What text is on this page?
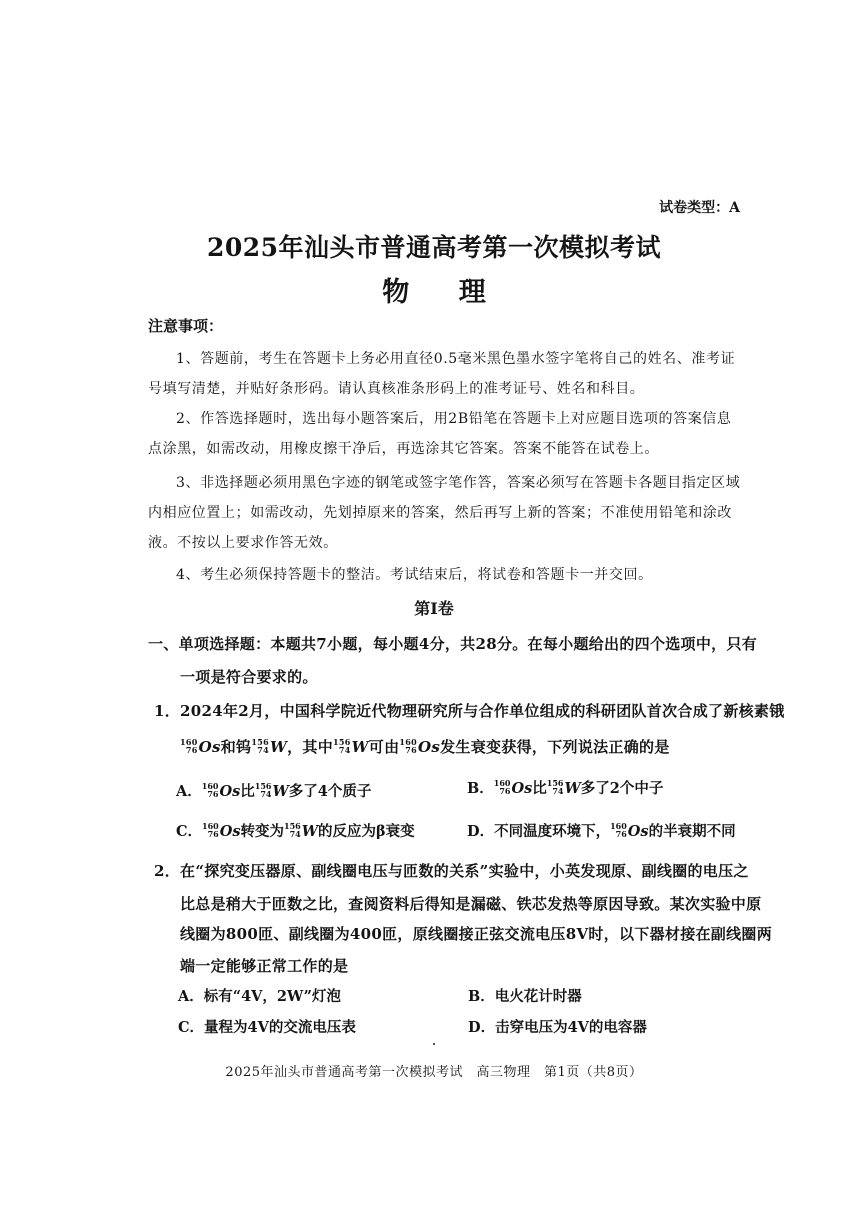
试卷类型：A
2025年汕头市普通高考第一次模拟考试
物 理
注意事项：
1、答题前，考生在答题卡上务必用直径0.5毫米黑色墨水签字笔将自己的姓名、准考证
号填写清楚，并贴好条形码。请认真核准条形码上的准考证号、姓名和科目。
2、作答选择题时，选出每小题答案后，用2B铅笔在答题卡上对应题目选项的答案信息
点涂黑，如需改动，用橡皮擦干净后，再选涂其它答案。答案不能答在试卷上。
3、非选择题必须用黑色字迹的钢笔或签字笔作答，答案必须写在答题卡各题目指定区域
内相应位置上；如需改动，先划掉原来的答案，然后再写上新的答案；不准使用铅笔和涂改
液。不按以上要求作答无效。
4、考生必须保持答题卡的整洁。考试结束后，将试卷和答题卡一并交回。
第Ⅰ卷
一、单项选择题：本题共7小题，每小题4分，共28分。在每小题给出的四个选项中，只有
一项是符合要求的。
1．2024年2月，中国科学院近代物理研究所与合作单位组成的科研团队首次合成了新核素锇
160
76 Os和钨 156
74 W，其中 156
74 W可由 160
76 Os发生衰变获得，下列说法正确的是
A． 160
76 Os比 156
74 W多了4个质子	B． 160
76 Os比 156
74 W多了2个中子
C． 160
76 Os转变为 156
74 W的反应为β衰变	D．不同温度环境下， 160
76 Os的半衰期不同
2．在“探究变压器原、副线圈电压与匝数的关系”实验中，小英发现原、副线圈的电压之
比总是稍大于匝数之比，查阅资料后得知是漏磁、铁芯发热等原因导致。某次实验中原
线圈为800匝、副线圈为400匝，原线圈接正弦交流电压8V时，以下器材接在副线圈两
端一定能够正常工作的是
A．标有“4V，2W”灯泡	B．电火花计时器
C．量程为4V的交流电压表	D．击穿电压为4V的电容器
2025年汕头市普通高考第一次模拟考试　高三物理　第1页（共8页）
